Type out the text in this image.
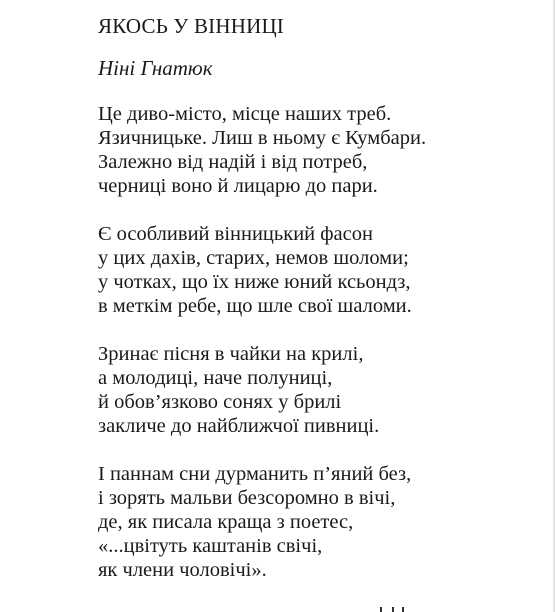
ЯКОСЬ У ВІННИЦІ

Ніні Гнатюк

Це диво-місто, місце наших треб.
Язичницьке. Лиш в ньому є Кумбари.
Залежно від надій і від потреб,
черниці воно й лицарю до пари.
Є особливий вінницький фасон
у цих дахів, старих, немов шоломи;
у чотках, що їх ниже юний ксьондз,
в меткім ребе, що шле свої шаломи.
Зринає пісня в чайки на крилі,
а молодиці, наче полуниці,
й обов’язково сонях у брилі
закличе до найближчої пивниці.
І паннам сни дурманить п’яний без,
і зорять мальви безсоромно в вічі,
де, як писала краща з поетес,
«...цвітуть каштанів свічі,
як члени чоловічі».
